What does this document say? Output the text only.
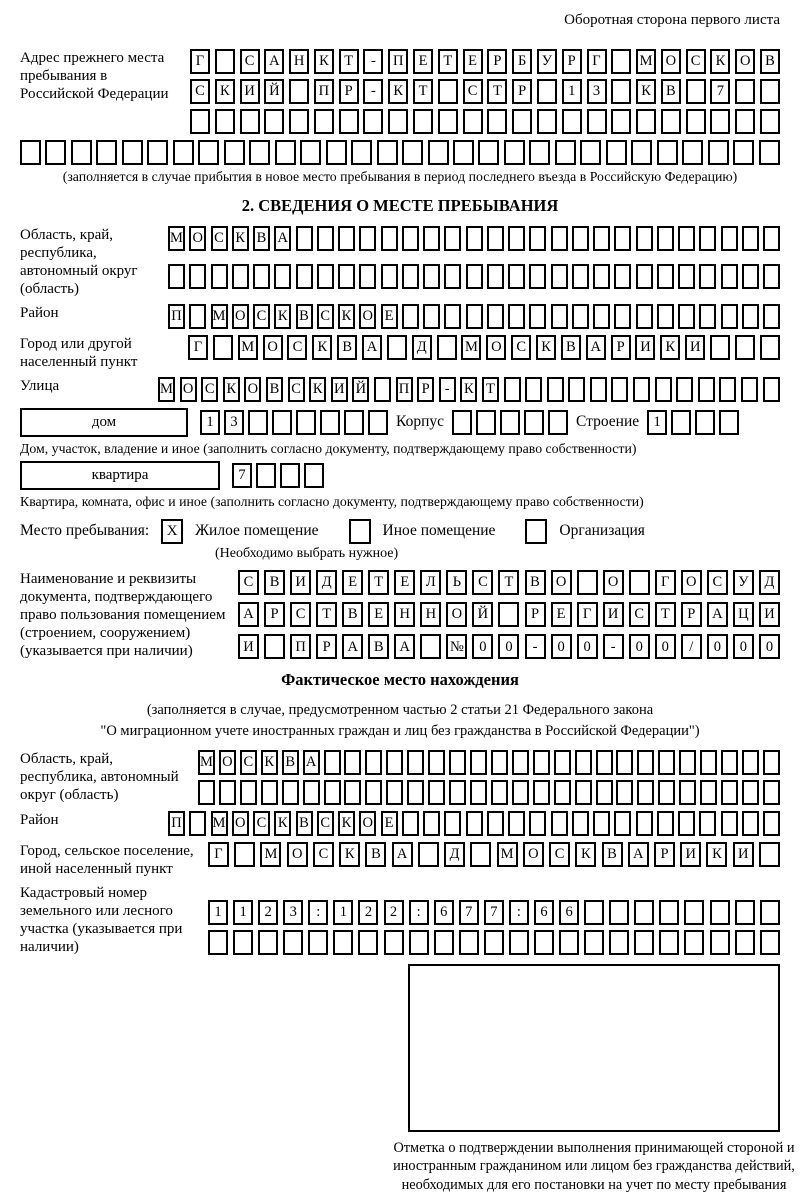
Оборотная сторона первого листа
Адрес прежнего места пребывания в Российской Федерации
Г	С	А Н	К	Т	-	П	Е	Т	Е	Р	Б	У	Р	Г	М О	С	К	О	В
С	К	И Й	П	Р	-	К	Т	С	Т	Р	1	3	К	В	7
(заполняется в случае прибытия в новое место пребывания в период последнего въезда в Российскую Федерацию)
2. СВЕДЕНИЯ О МЕСТЕ ПРЕБЫВАНИЯ
Область, край, республика, автономный округ (область)
М О С К В А
Район	П М О С К В С К О Е
Город или другой населенный пункт
Г	М О	С	К	В	А	Д	М О	С	К	В	А	Р	И	К	И
Улица	М О С К О В С К И Й П Р	- К Т
дом	1	3	Корпус	Строение 1
Дом, участок, владение и иное (заполнить согласно документу, подтверждающему право собственности)
квартира	7
Квартира, комната, офис и иное (заполнить согласно документу, подтверждающему право собственности)
Место пребывания:	X	Жилое помещение	Иное помещение	Организация
(Необходимо выбрать нужное)
Наименование и реквизиты документа, подтверждающего право пользования помещением (строением, сооружением) (указывается при наличии)
С	В	И	Д	Е	Т	Е	Л	Ь	С	Т	В	О	О	Г	О	С	У	Д
А	Р	С	Т	В	Е	Н	Н	О	Й	Р	Е	Г	И	С	Т	Р	А	Ц	И
И	П	Р	А	В	А	№	0	0	-	0	0	-	0	0	/	0	0	0
Фактическое место нахождения
(заполняется в случае, предусмотренном частью 2 статьи 21 Федерального закона
"О миграционном учете иностранных граждан и лиц без гражданства в Российской Федерации")
Область, край, республика, автономный округ (область)
М О С К В А
Район	П М О С К В С К О Е
Город, сельское поселение, иной населенный пункт
Г	М	О	С	К	В	А	Д	М	О	С	К	В	А	Р	И	К	И
Кадастровый номер земельного или лесного участка (указывается при наличии)
1	1	2	3	:	1	2	2	:	6	7	7	:	6	6
Отметка о подтверждении выполнения принимающей стороной и иностранным гражданином или лицом без гражданства действий, необходимых для его постановки на учет по месту пребывания
